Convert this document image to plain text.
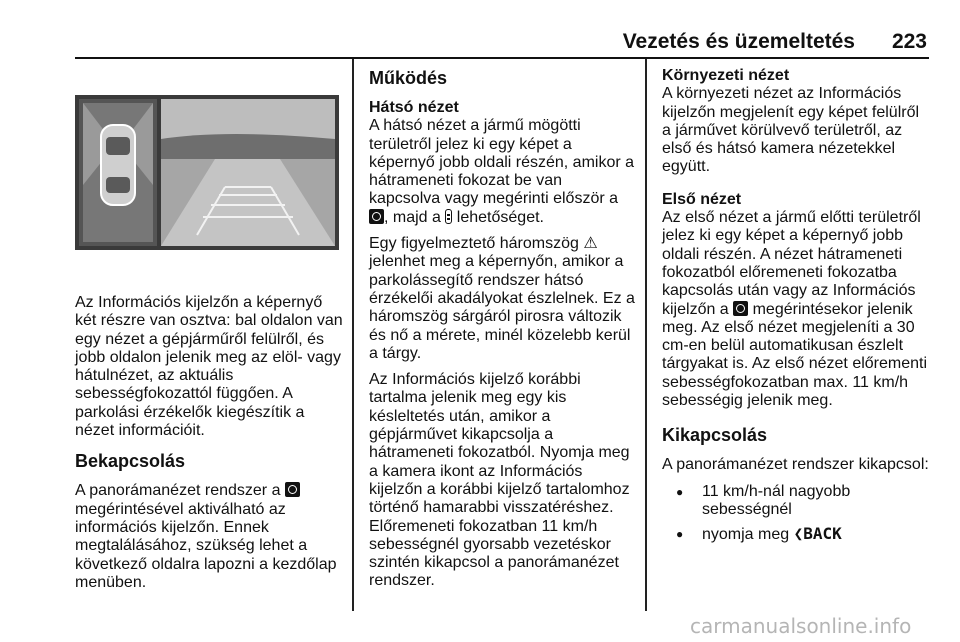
Vezetés és üzemeltetés 223

Az Információs kijelzőn a képernyő két részre van osztva: bal oldalon van egy nézet a gépjárműről felülről, és jobb oldalon jelenik meg az elöl- vagy hátulnézet, az aktuális sebességfokozattól függően. A parkolási érzékelők kiegészítik a nézet információit.

Bekapcsolás

A panorámanézet rendszer a  megérintésével aktiválható az információs kijelzőn. Ennek megtalálásához, szükség lehet a következő oldalra lapozni a kezdőlap menüben.

Működés
Hátsó nézet

A hátsó nézet a jármű mögötti területről jelez ki egy képet a képernyő jobb oldali részén, amikor a hátrameneti fokozat be van kapcsolva vagy megérinti először a , majd a  lehetőséget.

Egy figyelmeztető háromszög ⚠ jelenhet meg a képernyőn, amikor a parkolássegítő rendszer hátsó érzékelői akadályokat észlelnek. Ez a háromszög sárgáról pirosra változik és nő a mérete, minél közelebb kerül a tárgy.

Az Információs kijelző korábbi tartalma jelenik meg egy kis késleltetés után, amikor a gépjárművet kikapcsolja a hátrameneti fokozatból. Nyomja meg a kamera ikont az Információs kijelzőn a korábbi kijelző tartalomhoz történő hamarabbi visszatéréshez. Előremeneti fokozatban 11 km/h sebességnél gyorsabb vezetéskor szintén kikapcsol a panorámanézet rendszer.

Környezeti nézet

A környezeti nézet az Információs kijelzőn megjelenít egy képet felülről a járművet körülvevő területről, az első és hátsó kamera nézetekkel együtt.

Első nézet

Az első nézet a jármű előtti területről jelez ki egy képet a képernyő jobb oldali részén. A nézet hátrameneti fokozatból előremeneti fokozatba kapcsolás után vagy az Információs kijelzőn a  megérintésekor jelenik meg. Az első nézet megjeleníti a 30 cm-en belül automatikusan észlelt tárgyakat is. Az első nézet előrementi sebességfokozatban max. 11 km/h sebességig jelenik meg.

Kikapcsolás

A panorámanézet rendszer kikapcsol:

● 11 km/h-nál nagyobb sebességnél
● nyomja meg ❮BACK
carmanualsonline.info
